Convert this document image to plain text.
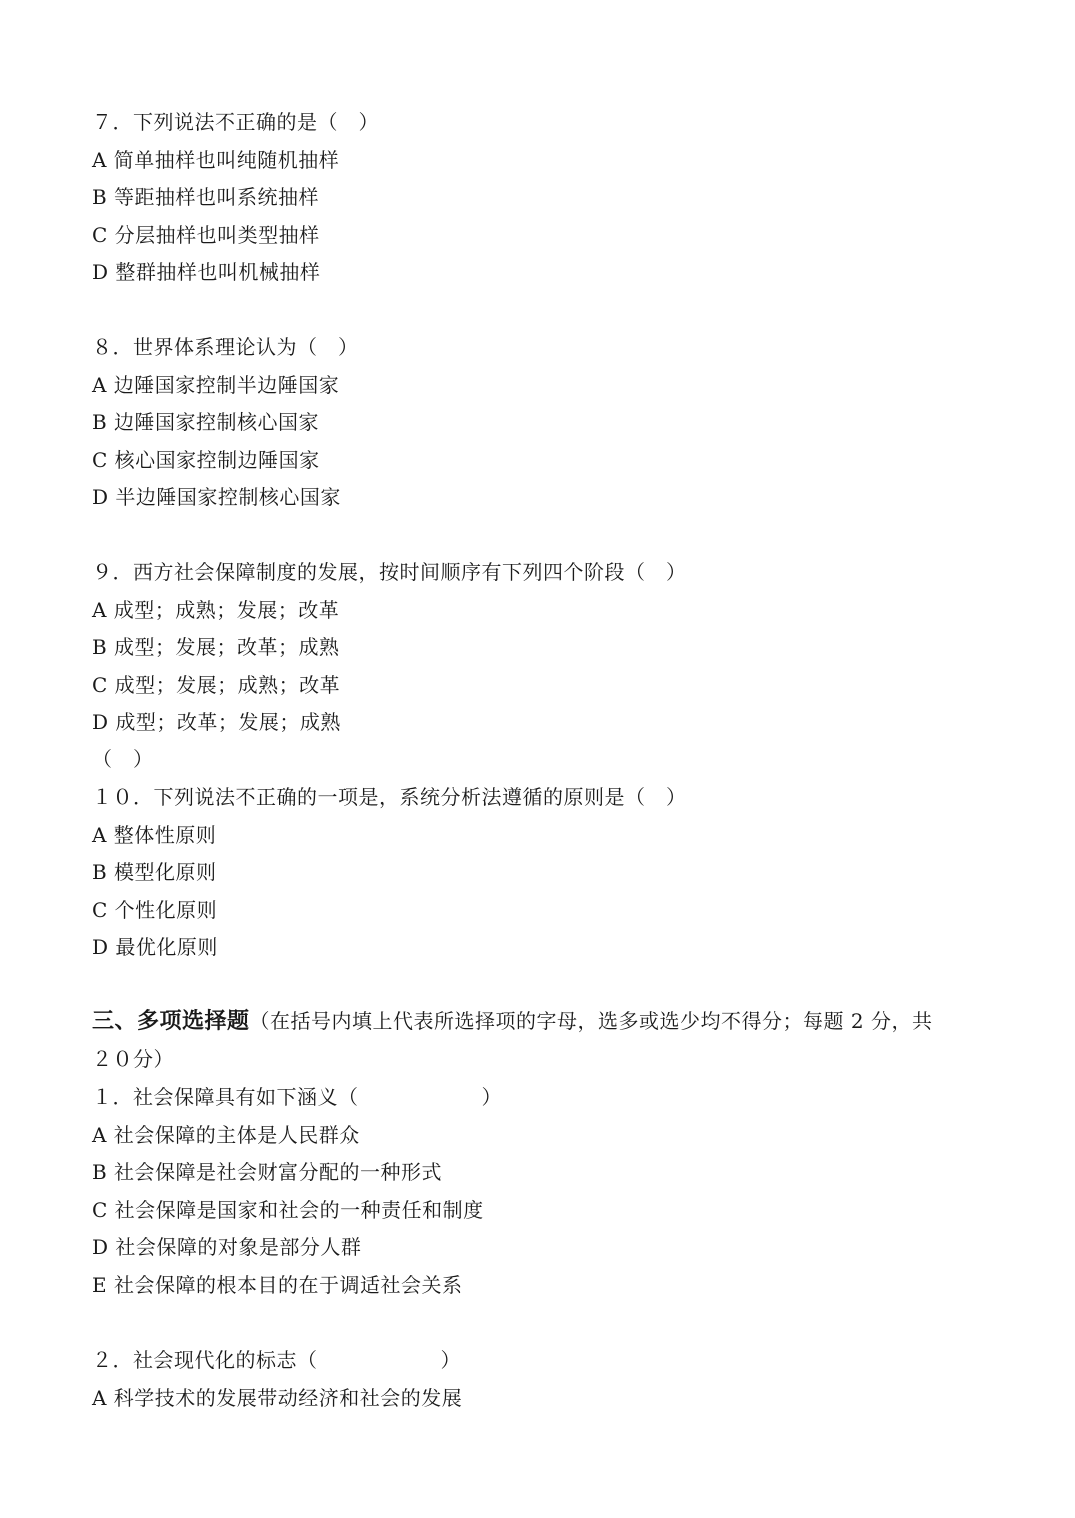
７．下列说法不正确的是（　）
A 简单抽样也叫纯随机抽样
B 等距抽样也叫系统抽样
C 分层抽样也叫类型抽样
D 整群抽样也叫机械抽样
８．世界体系理论认为（　）
A 边陲国家控制半边陲国家
B 边陲国家控制核心国家
C 核心国家控制边陲国家
D 半边陲国家控制核心国家
９．西方社会保障制度的发展，按时间顺序有下列四个阶段（　）
A 成型；成熟；发展；改革
B 成型；发展；改革；成熟
C 成型；发展；成熟；改革
D 成型；改革；发展；成熟
（　）
１０．下列说法不正确的一项是，系统分析法遵循的原则是（　）
A 整体性原则
B 模型化原则
C 个性化原则
D 最优化原则
三、多项选择题（在括号内填上代表所选择项的字母，选多或选少均不得分；每题 2 分，共
２０分）
１．社会保障具有如下涵义（　　　　　　）
A 社会保障的主体是人民群众
B 社会保障是社会财富分配的一种形式
C 社会保障是国家和社会的一种责任和制度
D 社会保障的对象是部分人群
E 社会保障的根本目的在于调适社会关系
２．社会现代化的标志（　　　　　　）
A 科学技术的发展带动经济和社会的发展
